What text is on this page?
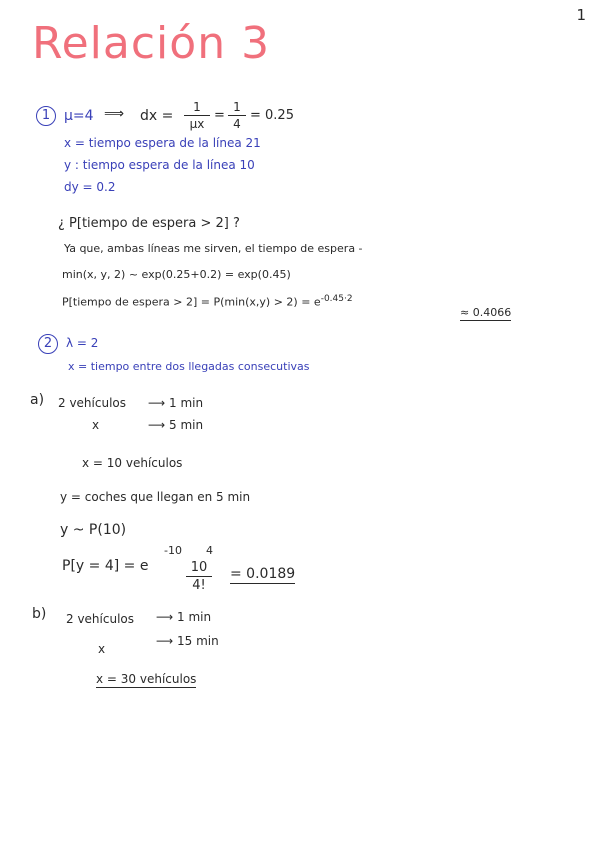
1
Relación 3
1 μ=4 ⟹ dx = $\frac{1}{\mu x} = \frac{1}{4} = 0.25$
x = tiempo espera de la línea 21
y : tiempo espera de la línea 10
dy = 0.2
¿ P[tiempo de espera > 2] ?
Ya que, ambas líneas me sirven, el tiempo de espera -
min(x, y, 2) ~ exp(0.25+0.2) = exp(0.45)
P[tiempo de espera > $2] = P(\min(x,y) > 2) = e^{-0.45\cdot 2}$
≈ 0.4066
2	λ = 2
x = tiempo entre dos llegadas consecutivas
a) 2 vehículos ⟶ 1 min
x	⟶ 5 min
x = 10 vehículos
y = coches que llegan en 5 min
y ~ P(10)
P[y = 4] = e
-10 4
$\frac{10}{4!} = 0.0189$
b) 2 vehículos ⟶ 1 min
x
⟶ 15 min
x = 30 vehículos
